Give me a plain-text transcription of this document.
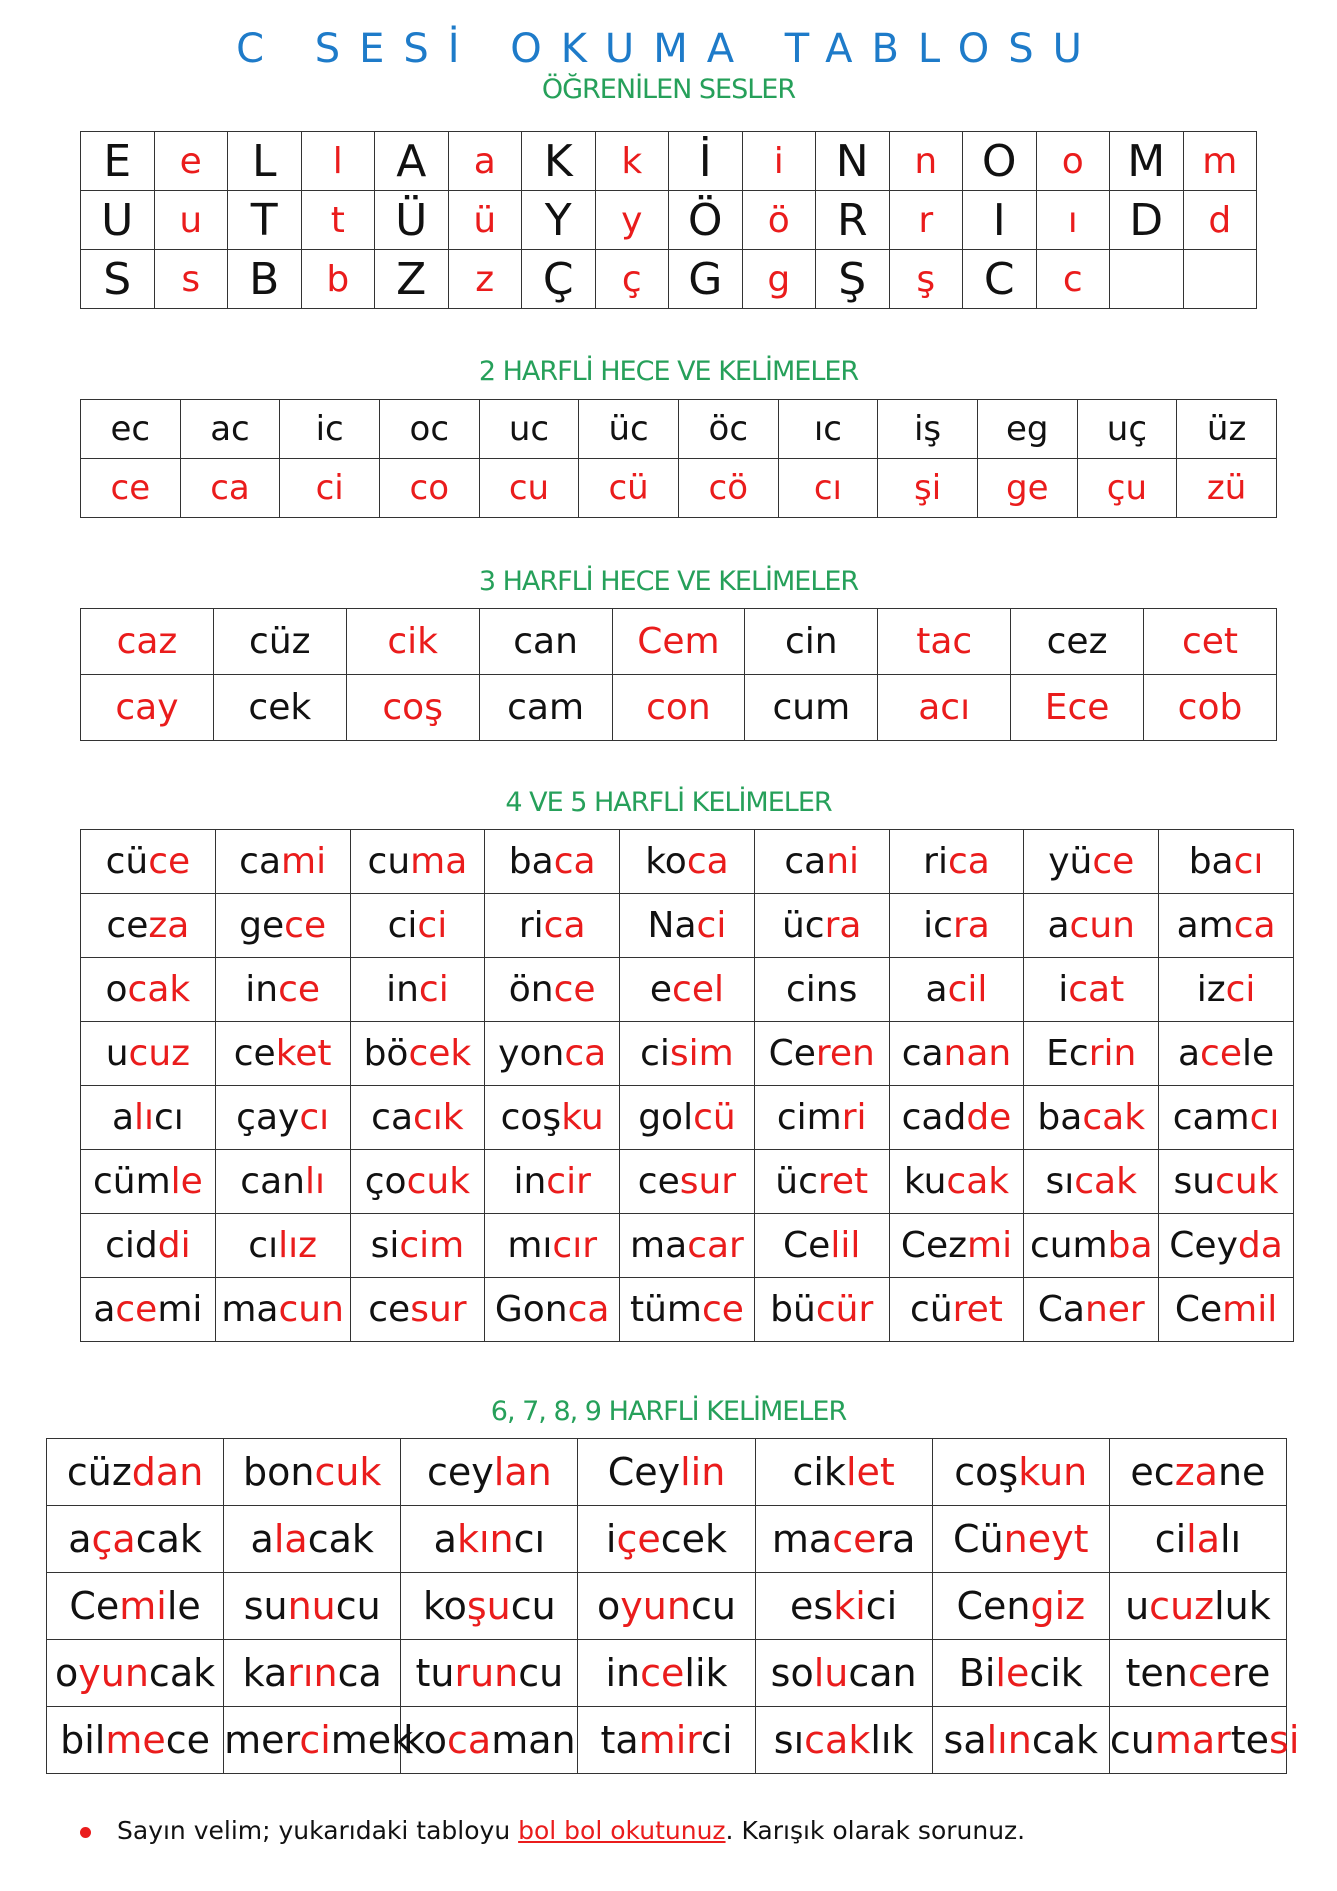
C SESİ OKUMA TABLOSU
ÖĞRENİLEN SESLER
E	e	L	l	A	a	K	k	İ	i	N	n	O	o	M	m
U	u	T	t	Ü	ü	Y	y	Ö	ö	R	r	I	ı	D	d
S	s	B	b	Z	z	Ç	ç	G	g	Ş	ş	C	c		
2 HARFLİ HECE VE KELİMELER
ec	ac	ic	oc	uc	üc	öc	ıc	iş	eg	uç	üz
ce	ca	ci	co	cu	cü	cö	cı	şi	ge	çu	zü
3 HARFLİ HECE VE KELİMELER
caz	cüz	cik	can	Cem	cin	tac	cez	cet
cay	cek	coş	cam	con	cum	acı	Ece	cob
4 VE 5 HARFLİ KELİMELER
cüce	cami	cuma	baca	koca	cani	rica	yüce	bacı
ceza	gece	cici	rica	Naci	ücra	icra	acun	amca
ocak	ince	inci	önce	ecel	cins	acil	icat	izci
ucuz	ceket	böcek	yonca	cisim	Ceren	canan	Ecrin	acele
alıcı	çaycı	cacık	coşku	golcü	cimri	cadde	bacak	camcı
cümle	canlı	çocuk	incir	cesur	ücret	kucak	sıcak	sucuk
ciddi	cılız	sicim	mıcır	macar	Celil	Cezmi	cumba	Ceyda
acemi	macun	cesur	Gonca	tümce	bücür	cüret	Caner	Cemil
6, 7, 8, 9 HARFLİ KELİMELER
cüzdan	boncuk	ceylan	Ceylin	ciklet	coşkun	eczane
açacak	alacak	akıncı	içecek	macera	Cüneyt	cilalı
Cemile	sunucu	koşucu	oyuncu	eskici	Cengiz	ucuzluk
oyuncak	karınca	turuncu	incelik	solucan	Bilecik	tencere
bilmece	mercimek	kocaman	tamirci	sıcaklık	salıncak	cumartesi
Sayın velim; yukarıdaki tabloyu bol bol okutunuz. Karışık olarak sorunuz.
